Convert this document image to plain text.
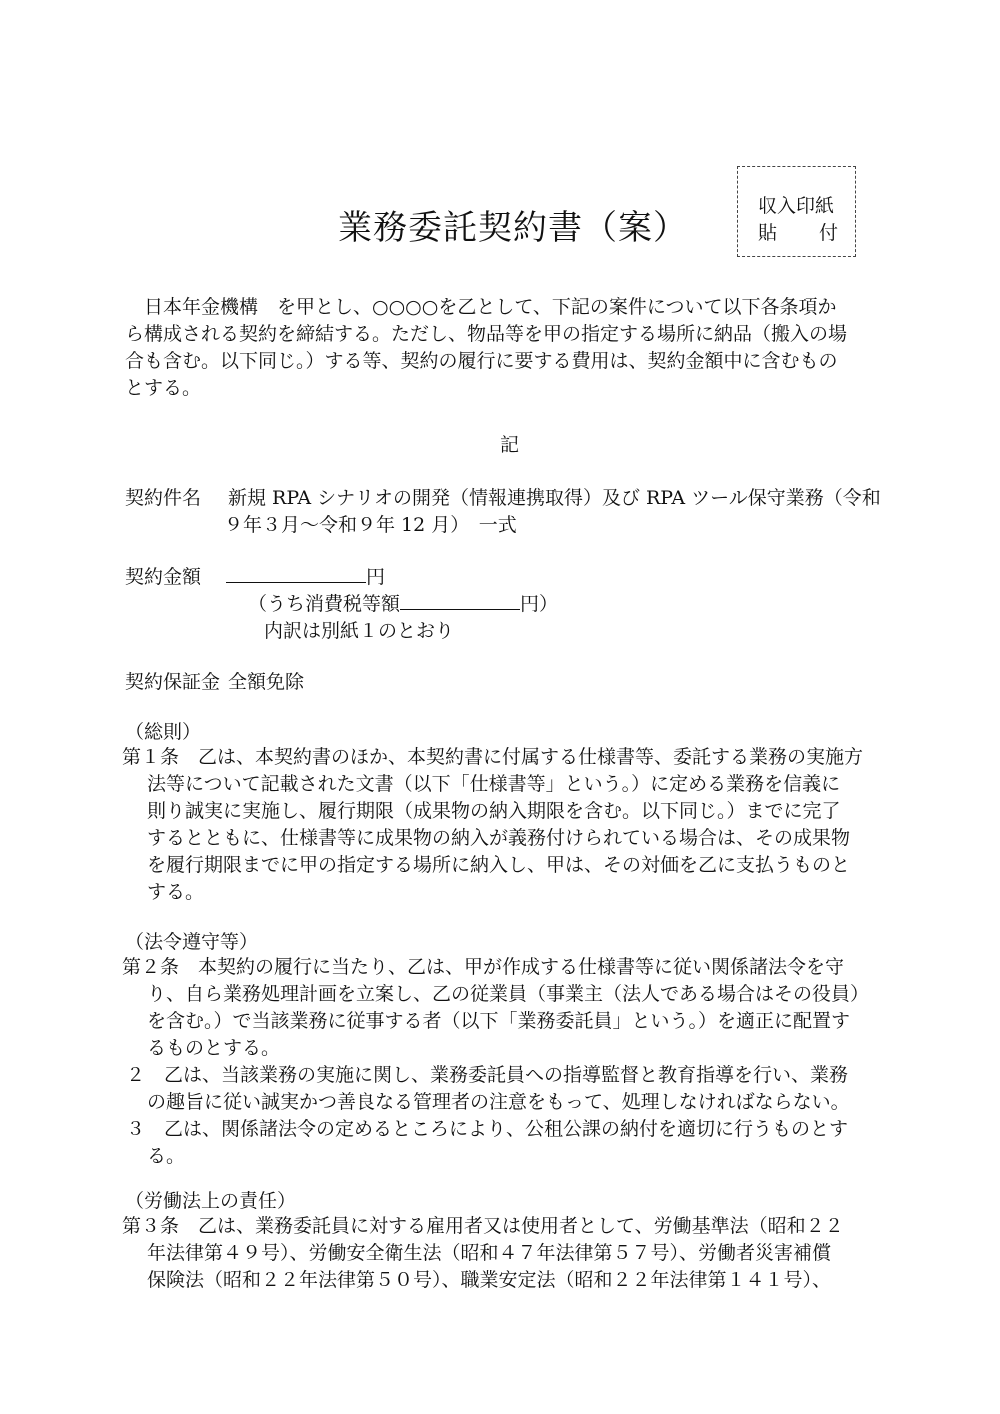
収入印紙
貼 付
業務委託契約書（案）
日本年金機構　を甲とし、○○○○を乙として、下記の案件について以下各条項か
ら構成される契約を締結する。ただし、物品等を甲の指定する場所に納品（搬入の場
合も含む。以下同じ。）する等、契約の履行に要する費用は、契約金額中に含むもの
とする。
記
契約件名 新規 RPA シナリオの開発（情報連携取得）及び RPA ツール保守業務（令和
９年３月～令和９年 12 月）　一式
契約金額	円
（うち消費税等額	円）
内訳は別紙１のとおり
契約保証金 全額免除
（総則）
第１条　乙は、本契約書のほか、本契約書に付属する仕様書等、委託する業務の実施方
法等について記載された文書（以下「仕様書等」という。）に定める業務を信義に
則り誠実に実施し、履行期限（成果物の納入期限を含む。以下同じ。）までに完了
するとともに、仕様書等に成果物の納入が義務付けられている場合は、その成果物
を履行期限までに甲の指定する場所に納入し、甲は、その対価を乙に支払うものと
する。
（法令遵守等）
第２条　本契約の履行に当たり、乙は、甲が作成する仕様書等に従い関係諸法令を守
り、自ら業務処理計画を立案し、乙の従業員（事業主（法人である場合はその役員）
を含む。）で当該業務に従事する者（以下「業務委託員」という。）を適正に配置す
るものとする。
２　乙は、当該業務の実施に関し、業務委託員への指導監督と教育指導を行い、業務
の趣旨に従い誠実かつ善良なる管理者の注意をもって、処理しなければならない。
３　乙は、関係諸法令の定めるところにより、公租公課の納付を適切に行うものとす
る。
（労働法上の責任）
第３条　乙は、業務委託員に対する雇用者又は使用者として、労働基準法（昭和２２
年法律第４９号）、労働安全衛生法（昭和４７年法律第５７号）、労働者災害補償
保険法（昭和２２年法律第５０号）、職業安定法（昭和２２年法律第１４１号）、
